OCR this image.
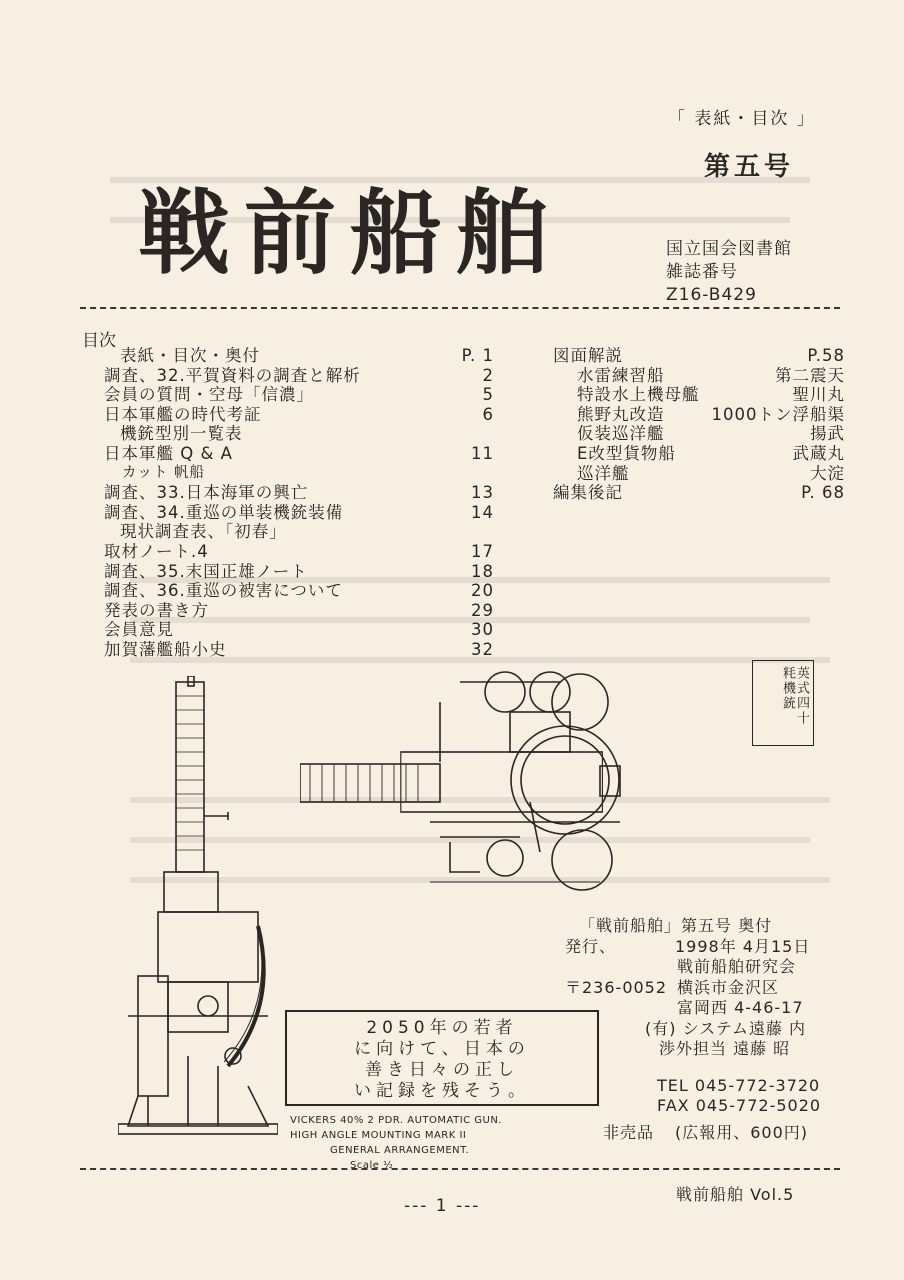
「 表紙・目次 」
第五号
戦前船舶	国立国会図書館
雑誌番号
Z16-B429
目次
表紙・目次・奥付	P. 1
調査、32.平賀資料の調査と解析	2
会員の質問・空母「信濃」	5
日本軍艦の時代考証	6
機銃型別一覧表
日本軍艦 Q & A	11
カット 帆船
調査、33.日本海軍の興亡	13
調査、34.重巡の単装機銃装備	14
現状調査表、「初春」
取材ノート.4	17
調査、35.末国正雄ノート	18
調査、36.重巡の被害について	20
発表の書き方	29
会員意見	30
加賀藩艦船小史	32
図面解説	P.58
水雷練習船	第二震天
特設水上機母艦	聖川丸
熊野丸改造	1000トン浮船渠
仮装巡洋艦	揚武
E改型貨物船	武蔵丸
巡洋艦	大淀
編集後記	P. 68
英式四十粍機銃
VICKERS 40% 2 PDR. AUTOMATIC GUN.
HIGH ANGLE MOUNTING MARK II
GENERAL ARRANGEMENT.
Scale ½
2050年の若者
に向けて、日本の
善き日々の正し
い記録を残そう。
「戦前船舶」第五号 奥付
発行、	1998年 4月15日
戦前船舶研究会
〒236-0052 横浜市金沢区
富岡西 4-46-17
(有) システム遠藤 内
渉外担当 遠藤 昭
TEL 045-772-3720
FAX 045-772-5020
非売品 (広報用、600円)
戦前船舶 Vol.5
--- 1 ---
